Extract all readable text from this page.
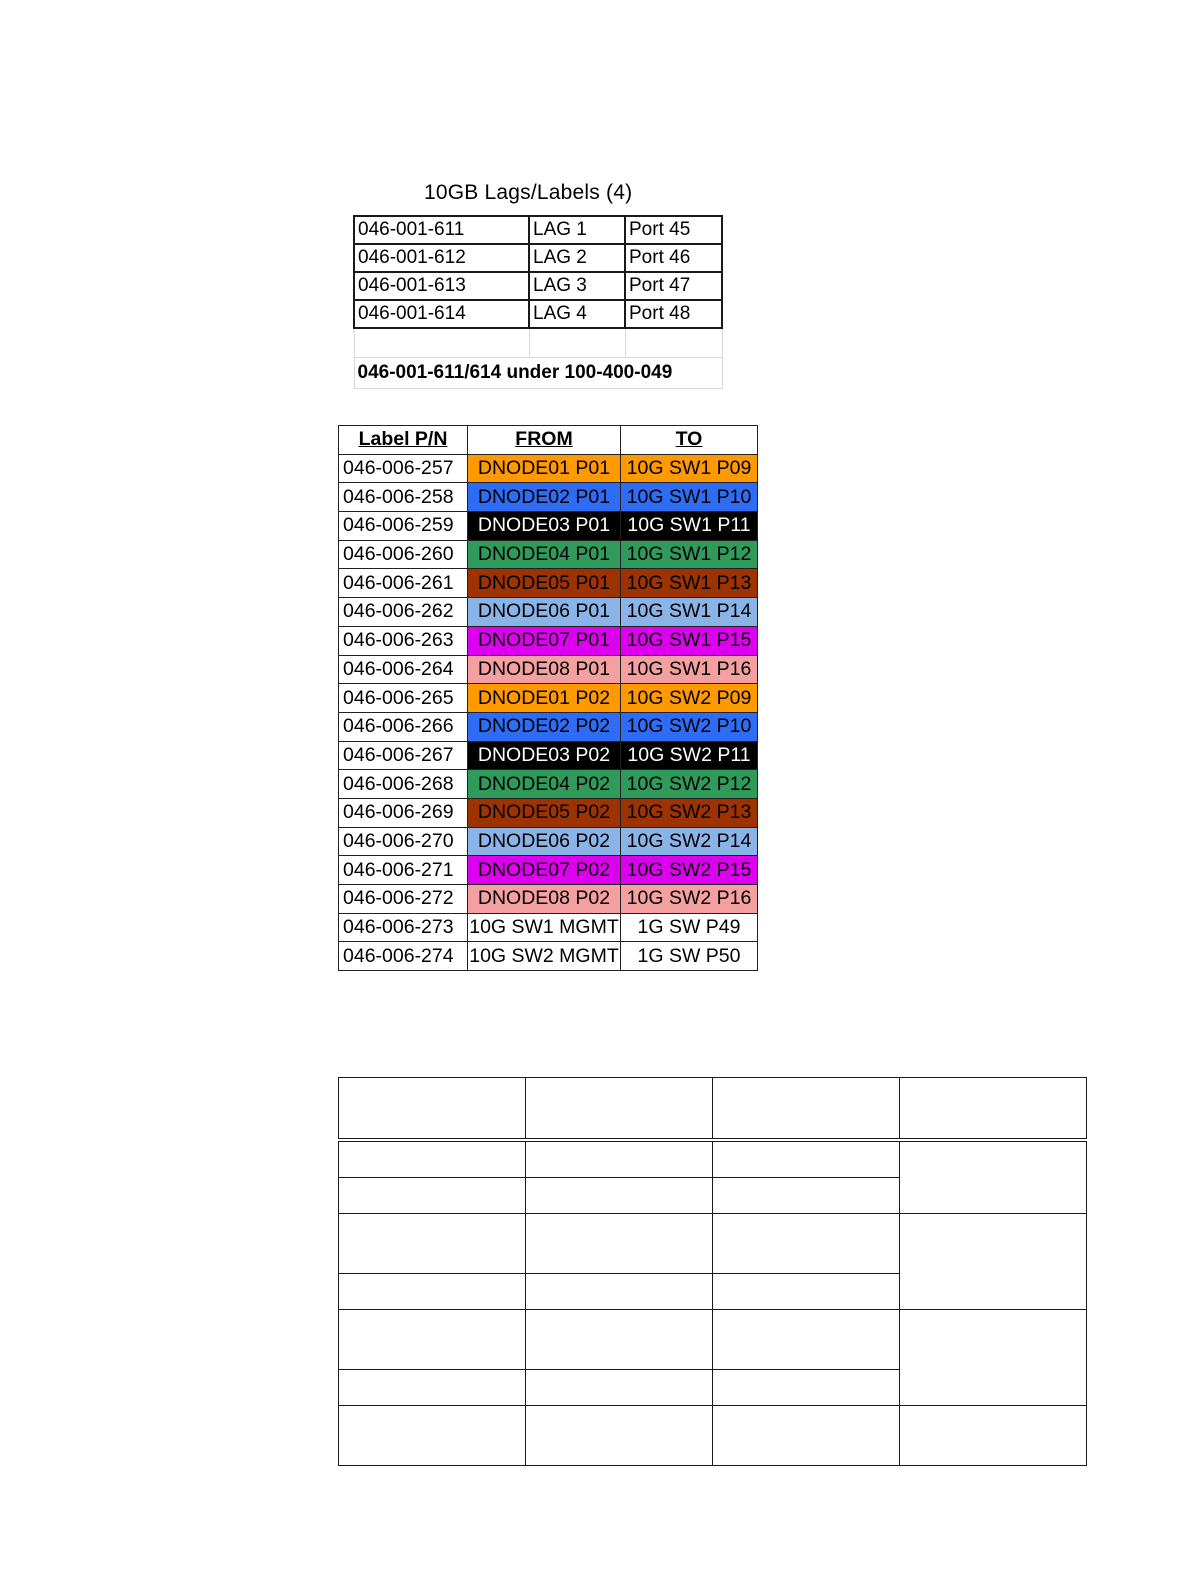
10GB Lags/Labels (4)
046-001-611	LAG 1	Port 45
046-001-612	LAG 2	Port 46
046-001-613	LAG 3	Port 47
046-001-614	LAG 4	Port 48

046-001-611/614 under 100-400-049		
Label P/N	FROM	TO
046-006-257	DNODE01 P01	10G SW1 P09
046-006-258	DNODE02 P01	10G SW1 P10
046-006-259	DNODE03 P01	10G SW1 P11
046-006-260	DNODE04 P01	10G SW1 P12
046-006-261	DNODE05 P01	10G SW1 P13
046-006-262	DNODE06 P01	10G SW1 P14
046-006-263	DNODE07 P01	10G SW1 P15
046-006-264	DNODE08 P01	10G SW1 P16
046-006-265	DNODE01 P02	10G SW2 P09
046-006-266	DNODE02 P02	10G SW2 P10
046-006-267	DNODE03 P02	10G SW2 P11
046-006-268	DNODE04 P02	10G SW2 P12
046-006-269	DNODE05 P02	10G SW2 P13
046-006-270	DNODE06 P02	10G SW2 P14
046-006-271	DNODE07 P02	10G SW2 P15
046-006-272	DNODE08 P02	10G SW2 P16
046-006-273	10G SW1 MGMT	1G SW P49
046-006-274	10G SW2 MGMT	1G SW P50
